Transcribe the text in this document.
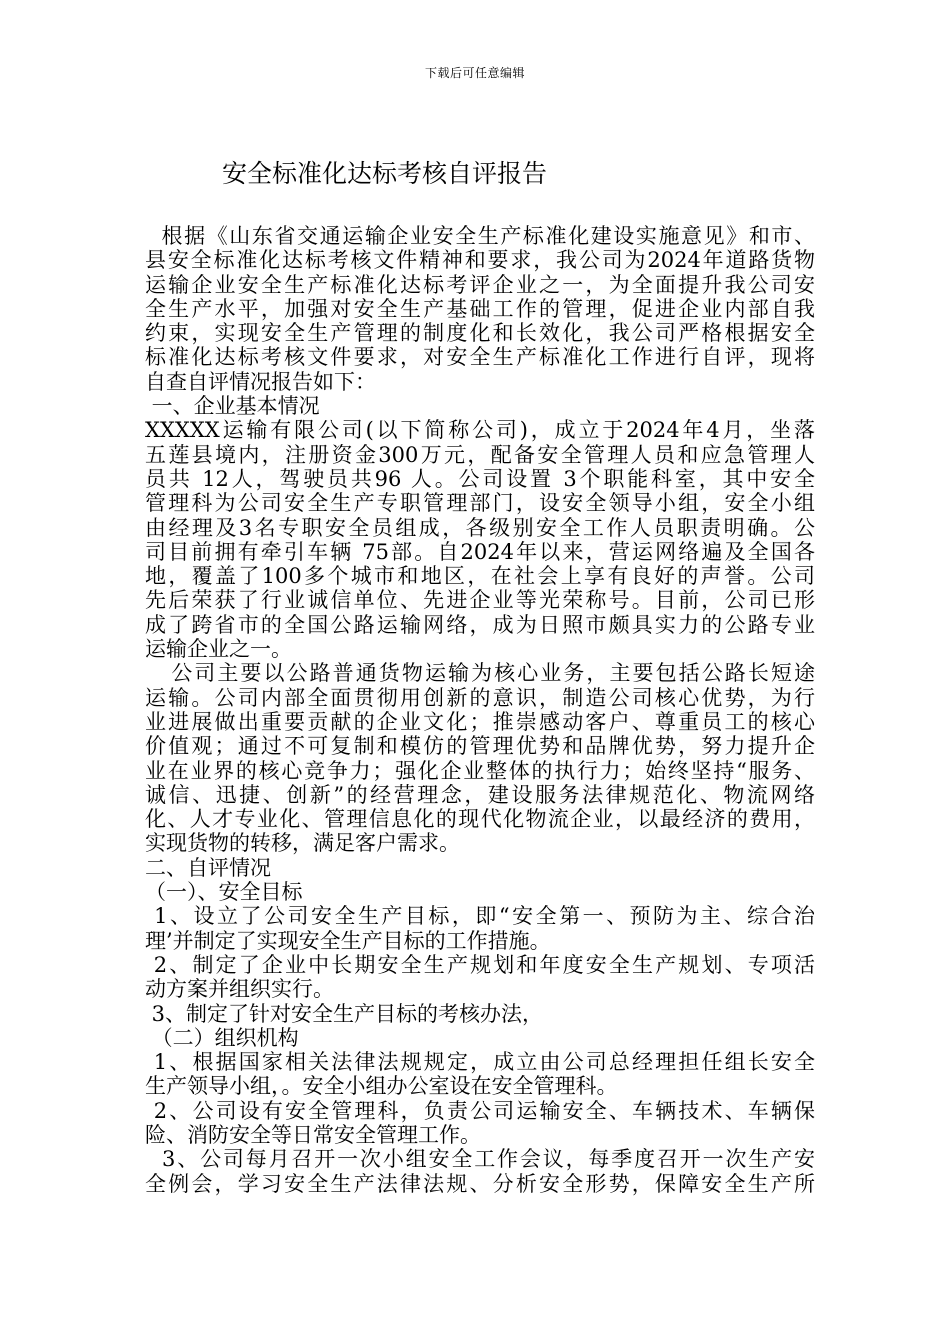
下载后可任意编辑
安全标准化达标考核自评报告
根据《山东省交通运输企业安全生产标准化建设实施意见》和市、
县安全标准化达标考核文件精神和要求，我公司为2024年道路货物
运输企业安全生产标准化达标考评企业之一，为全面提升我公司安
全生产水平，加强对安全生产基础工作的管理，促进企业内部自我
约束，实现安全生产管理的制度化和长效化，我公司严格根据安全
标准化达标考核文件要求，对安全生产标准化工作进行自评，现将
自查自评情况报告如下：
一、企业基本情况
XXXXX运输有限公司(以下简称公司)，成立于2024年4月，坐落
五莲县境内，注册资金300万元，配备安全管理人员和应急管理人
员共 12人，驾驶员共96 人。公司设置 3个职能科室，其中安全
管理科为公司安全生产专职管理部门，设安全领导小组，安全小组
由经理及3名专职安全员组成，各级别安全工作人员职责明确。公
司目前拥有牵引车辆 75部。自2024年以来，营运网络遍及全国各
地，覆盖了100多个城市和地区，在社会上享有良好的声誉。公司
先后荣获了行业诚信单位、先进企业等光荣称号。目前，公司已形
成了跨省市的全国公路运输网络，成为日照市颇具实力的公路专业
运输企业之一。
公司主要以公路普通货物运输为核心业务，主要包括公路长短途
运输。公司内部全面贯彻用创新的意识，制造公司核心优势，为行
业进展做出重要贡献的企业文化；推崇感动客户、尊重员工的核心
价值观；通过不可复制和模仿的管理优势和品牌优势，努力提升企
业在业界的核心竞争力；强化企业整体的执行力；始终坚持“服务、
诚信、迅捷、创新”的经营理念，建设服务法律规范化、物流网络
化、人才专业化、管理信息化的现代化物流企业，以最经济的费用，
实现货物的转移，满足客户需求。
二、自评情况
（一）、安全目标
1、设立了公司安全生产目标，即“安全第一、预防为主、综合治
理’并制定了实现安全生产目标的工作措施。
2、制定了企业中长期安全生产规划和年度安全生产规划、专项活
动方案并组织实行。
3、制定了针对安全生产目标的考核办法，
（二）组织机构
1、根据国家相关法律法规规定，成立由公司总经理担任组长安全
生产领导小组，。安全小组办公室设在安全管理科。
2、公司设有安全管理科，负责公司运输安全、车辆技术、车辆保
险、消防安全等日常安全管理工作。
3、公司每月召开一次小组安全工作会议，每季度召开一次生产安
全例会，学习安全生产法律法规、分析安全形势，保障安全生产所
